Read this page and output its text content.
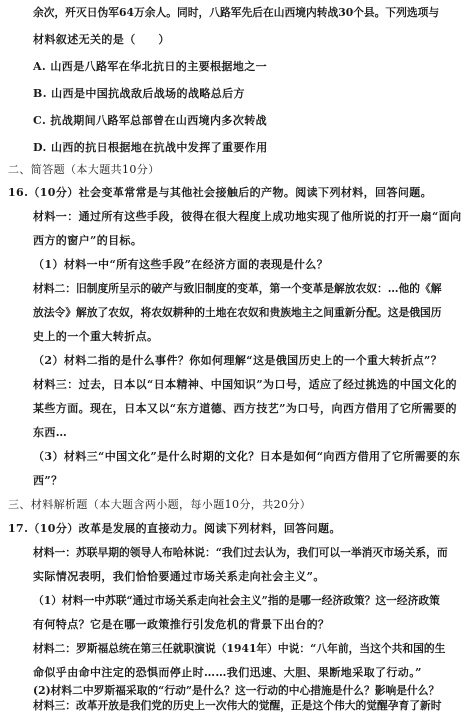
余次，歼灭日伪军64万余人。同时，八路军先后在山西境内转战30个县。下列选项与
材料叙述无关的是（　　）
A. 山西是八路军在华北抗日的主要根据地之一
B. 山西是中国抗战敌后战场的战略总后方
C. 抗战期间八路军总部曾在山西境内多次转战
D. 山西的抗日根据地在抗战中发挥了重要作用
二、简答题（本大题共10分）
16.（10分）社会变革常常是与其他社会接触后的产物。阅读下列材料，回答问题。
材料一：通过所有这些手段，彼得在很大程度上成功地实现了他所说的打开一扇“面向
西方的窗户”的目标。
（1）材料一中“所有这些手段”在经济方面的表现是什么？
材料二：旧制度所呈示的破产与致旧制度的变革，第一个变革是解放农奴：…他的《解
放法令》解放了农奴，将农奴耕种的土地在农奴和贵族地主之间重新分配。这是俄国历
史上的一个重大转折点。
（2）材料二指的是什么事件？你如何理解“这是俄国历史上的一个重大转折点”？
材料三：过去，日本以“日本精神、中国知识”为口号，适应了经过挑选的中国文化的
某些方面。现在，日本又以“东方道德、西方技艺”为口号，向西方借用了它所需要的
东西…
（3）材料三“中国文化”是什么时期的文化？日本是如何“向西方借用了它所需要的东
西”？
三、材料解析题（本大题含两小题，每小题10分，共20分）
17.（10分）改革是发展的直接动力。阅读下列材料，回答问题。
材料一：苏联早期的领导人布哈林说：“我们过去认为，我们可以一举消灭市场关系，而
实际情况表明，我们恰恰要通过市场关系走向社会主义”。
（1）材料一中苏联“通过市场关系走向社会主义”指的是哪一经济政策？这一经济政策
有何特点？它是在哪一政策推行引发危机的背景下出台的？
材料二：罗斯福总统在第三任就职演说（1941年）中说：“八年前，当这个共和国的生
命似乎由命中注定的恐惧而停止时……我们迅速、大胆、果断地采取了行动。”
(2)材料二中罗斯福采取的“行动”是什么？这一行动的中心措施是什么？影响是什么？
材料三：改革开放是我们党的历史上一次伟大的觉醒，正是这个伟大的觉醒孕育了新时
